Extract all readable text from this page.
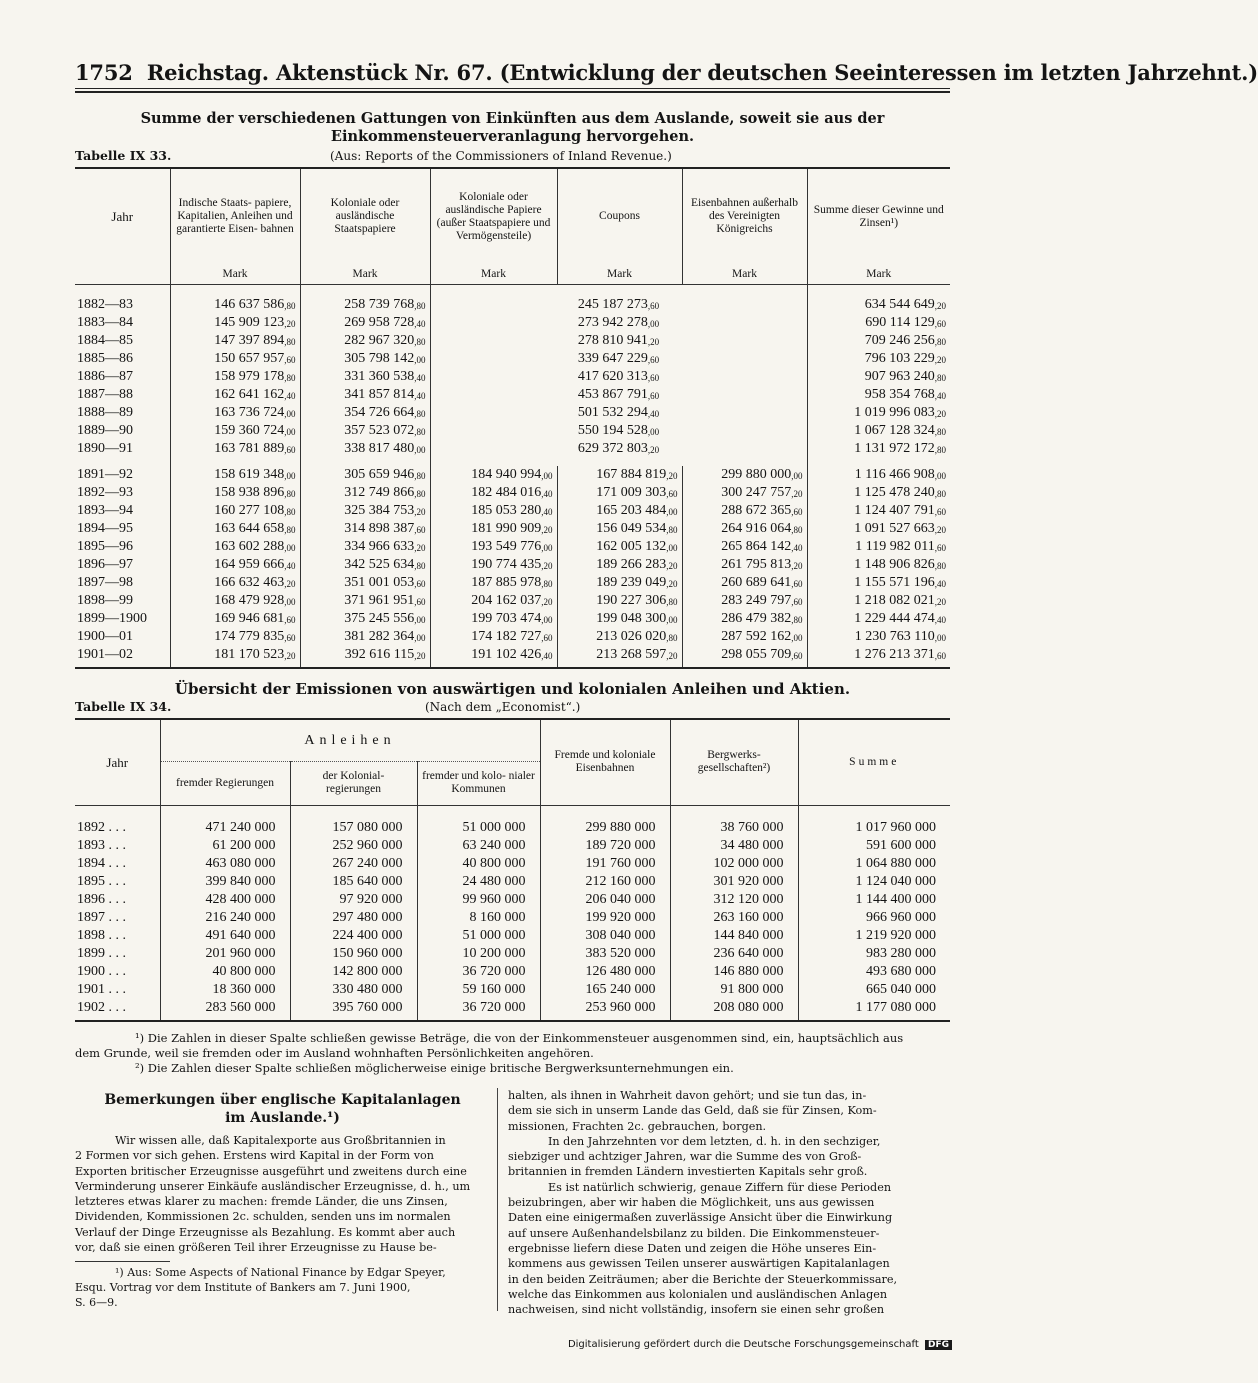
1752 Reichstag. Aktenstück Nr. 67. (Entwicklung der deutschen Seeinteressen im letzten Jahrzehnt.)
Summe der verschiedenen Gattungen von Einkünften aus dem Auslande, soweit sie aus der
Einkommensteuerveranlagung hervorgehen.
Tabelle IX 33.	(Aus: Reports of the Commissioners of Inland Revenue.)
Jahr	Indische Staats- papiere, Kapitalien, Anleihen und garantierte Eisen- bahnen	Koloniale oder ausländische Staatspapiere	Koloniale oder ausländische Papiere (außer Staatspapiere und Vermögensteile)	Coupons	Eisenbahnen außerhalb des Vereinigten Königreichs	Summe dieser Gewinne und Zinsen¹)
	Mark	Mark	Mark	Mark	Mark	Mark

1882—83	146 637 $586_{,80}$	258 739 $768_{,80}$	245 187 $273_{,60}$			634 544 $649_{,20}$
1883—84	145 909 $123_{,20}$	269 958 $728_{,40}$	273 942 $278_{,00}$			690 114 $129_{,60}$
1884—85	147 397 $894_{,80}$	282 967 $320_{,80}$	278 810 $941_{,20}$			709 246 $256_{,80}$
1885—86	150 657 $957_{,60}$	305 798 $142_{,00}$	339 647 $229_{,60}$			796 103 $229_{,20}$
1886—87	158 979 $178_{,80}$	331 360 $538_{,40}$	417 620 $313_{,60}$			907 963 $240_{,80}$
1887—88	162 641 $162_{,40}$	341 857 $814_{,40}$	453 867 $791_{,60}$			958 354 $768_{,40}$
1888—89	163 736 $724_{,00}$	354 726 $664_{,80}$	501 532 $294_{,40}$			1 019 996 $083_{,20}$
1889—90	159 360 $724_{,00}$	357 523 $072_{,80}$	550 194 $528_{,00}$			1 067 128 $324_{,80}$
1890—91	163 781 $889_{,60}$	338 817 $480_{,00}$	629 372 $803_{,20}$			1 131 972 $172_{,80}$

1891—92	158 619 $348_{,00}$	305 659 $946_{,80}$	184 940 $994_{,00}$	167 884 $819_{,20}$	299 880 $000_{,00}$	1 116 466 $908_{,00}$
1892—93	158 938 $896_{,80}$	312 749 $866_{,80}$	182 484 $016_{,40}$	171 009 $303_{,60}$	300 247 $757_{,20}$	1 125 478 $240_{,80}$
1893—94	160 277 $108_{,80}$	325 384 $753_{,20}$	185 053 $280_{,40}$	165 203 $484_{,00}$	288 672 $365_{,60}$	1 124 407 $791_{,60}$
1894—95	163 644 $658_{,80}$	314 898 $387_{,60}$	181 990 $909_{,20}$	156 049 $534_{,80}$	264 916 $064_{,80}$	1 091 527 $663_{,20}$
1895—96	163 602 $288_{,00}$	334 966 $633_{,20}$	193 549 $776_{,00}$	162 005 $132_{,00}$	265 864 $142_{,40}$	1 119 982 $011_{,60}$
1896—97	164 959 $666_{,40}$	342 525 $634_{,80}$	190 774 $435_{,20}$	189 266 $283_{,20}$	261 795 $813_{,20}$	1 148 906 $826_{,80}$
1897—98	166 632 $463_{,20}$	351 001 $053_{,60}$	187 885 $978_{,80}$	189 239 $049_{,20}$	260 689 $641_{,60}$	1 155 571 $196_{,40}$
1898—99	168 479 $928_{,00}$	371 961 $951_{,60}$	204 162 $037_{,20}$	190 227 $306_{,80}$	283 249 $797_{,60}$	1 218 082 $021_{,20}$
1899—1900	169 946 $681_{,60}$	375 245 $556_{,00}$	199 703 $474_{,00}$	199 048 $300_{,00}$	286 479 $382_{,80}$	1 229 444 $474_{,40}$
1900—01	174 779 $835_{,60}$	381 282 $364_{,00}$	174 182 $727_{,60}$	213 026 $020_{,80}$	287 592 $162_{,00}$	1 230 763 $110_{,00}$
1901—02	181 170 $523_{,20}$	392 616 $115_{,20}$	191 102 $426_{,40}$	213 268 $597_{,20}$	298 055 $709_{,60}$	1 276 213 $371_{,60}$

Übersicht der Emissionen von auswärtigen und kolonialen Anleihen und Aktien.
Tabelle IX 34.	(Nach dem „Economist“.)
Jahr	Anleihen			Fremde und koloniale Eisenbahnen	Bergwerks- gesellschaften²)	Summe
	fremder Regierungen	der Kolonial- regierungen	fremder und kolo- nialer Kommunen			

1892 . . .	471 240 000	157 080 000	51 000 000	299 880 000	38 760 000	1 017 960 000
1893 . . .	61 200 000	252 960 000	63 240 000	189 720 000	34 480 000	591 600 000
1894 . . .	463 080 000	267 240 000	40 800 000	191 760 000	102 000 000	1 064 880 000
1895 . . .	399 840 000	185 640 000	24 480 000	212 160 000	301 920 000	1 124 040 000
1896 . . .	428 400 000	97 920 000	99 960 000	206 040 000	312 120 000	1 144 400 000
1897 . . .	216 240 000	297 480 000	8 160 000	199 920 000	263 160 000	966 960 000
1898 . . .	491 640 000	224 400 000	51 000 000	308 040 000	144 840 000	1 219 920 000
1899 . . .	201 960 000	150 960 000	10 200 000	383 520 000	236 640 000	983 280 000
1900 . . .	40 800 000	142 800 000	36 720 000	126 480 000	146 880 000	493 680 000
1901 . . .	18 360 000	330 480 000	59 160 000	165 240 000	91 800 000	665 040 000
1902 . . .	283 560 000	395 760 000	36 720 000	253 960 000	208 080 000	1 177 080 000

¹) Die Zahlen in dieser Spalte schließen gewisse Beträge, die von der Einkommensteuer ausgenommen sind, ein, hauptsächlich aus
dem Grunde, weil sie fremden oder im Ausland wohnhaften Persönlichkeiten angehören.
²) Die Zahlen dieser Spalte schließen möglicherweise einige britische Bergwerksunternehmungen ein.
Bemerkungen über englische Kapitalanlagen
im Auslande.¹)
Wir wissen alle, daß Kapitalexporte aus Großbritannien in
2 Formen vor sich gehen. Erstens wird Kapital in der Form von
Exporten britischer Erzeugnisse ausgeführt und zweitens durch eine
Verminderung unserer Einkäufe ausländischer Erzeugnisse, d. h., um
letzteres etwas klarer zu machen: fremde Länder, die uns Zinsen,
Dividenden, Kommissionen 2c. schulden, senden uns im normalen
Verlauf der Dinge Erzeugnisse als Bezahlung. Es kommt aber auch
vor, daß sie einen größeren Teil ihrer Erzeugnisse zu Hause be-
¹) Aus: Some Aspects of National Finance by Edgar Speyer,
Esqu. Vortrag vor dem Institute of Bankers am 7. Juni 1900,
S. 6—9.
halten, als ihnen in Wahrheit davon gehört; und sie tun das, in-
dem sie sich in unserm Lande das Geld, daß sie für Zinsen, Kom-
missionen, Frachten 2c. gebrauchen, borgen.
In den Jahrzehnten vor dem letzten, d. h. in den sechziger,
siebziger und achtziger Jahren, war die Summe des von Groß-
britannien in fremden Ländern investierten Kapitals sehr groß.
Es ist natürlich schwierig, genaue Ziffern für diese Perioden
beizubringen, aber wir haben die Möglichkeit, uns aus gewissen
Daten eine einigermaßen zuverlässige Ansicht über die Einwirkung
auf unsere Außenhandelsbilanz zu bilden. Die Einkommensteuer-
ergebnisse liefern diese Daten und zeigen die Höhe unseres Ein-
kommens aus gewissen Teilen unserer auswärtigen Kapitalanlagen
in den beiden Zeiträumen; aber die Berichte der Steuerkommissare,
welche das Einkommen aus kolonialen und ausländischen Anlagen
nachweisen, sind nicht vollständig, insofern sie einen sehr großen
Digitalisierung gefördert durch die Deutsche Forschungsgemeinschaft DFG
